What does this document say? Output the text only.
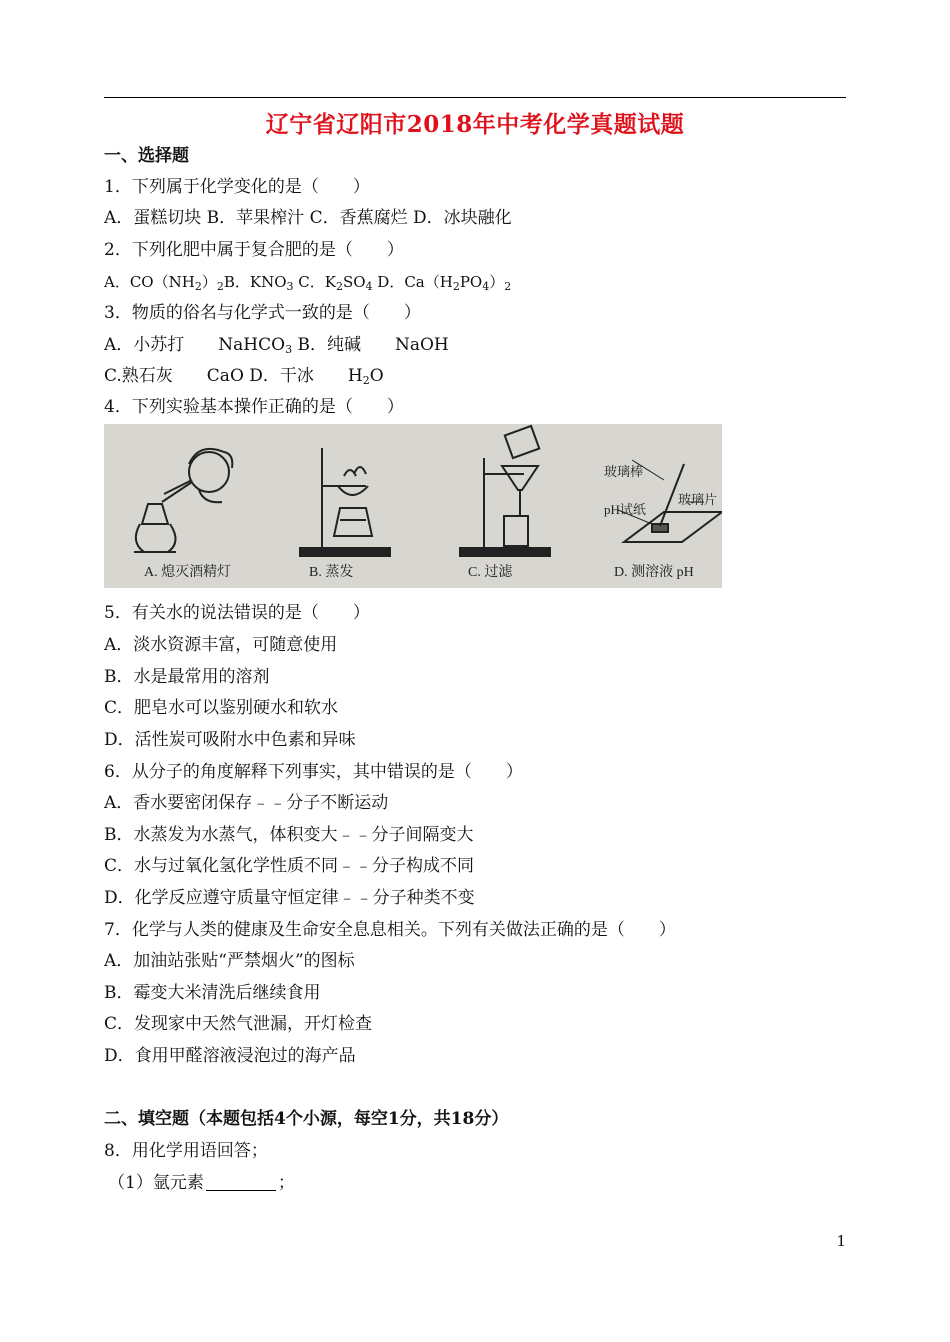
辽宁省辽阳市2018年中考化学真题试题
一、选择题
1．下列属于化学变化的是（　　）
A．蛋糕切块 B．苹果榨汁 C．香蕉腐烂 D．冰块融化
2．下列化肥中属于复合肥的是（　　）
A．$CO(NH_2)_2B$．$KNO_3$ C．$K_2SO_4$ D．$Ca(H_2PO_4)_2$
3．物质的俗名与化学式一致的是（　　）
A．小苏打　　NaHCO$_3$ B．纯碱　　NaOH
C.熟石灰　　CaO D．干冰　　$H_2O$
4．下列实验基本操作正确的是（　　）
玻璃棒
pH试纸
玻璃片
A. 熄灭酒精灯	B. 蒸发	C. 过滤	D. 测溶液 pH
5．有关水的说法错误的是（　　）
A．淡水资源丰富，可随意使用
B．水是最常用的溶剂
C．肥皂水可以鉴别硬水和软水
D．活性炭可吸附水中色素和异味
6．从分子的角度解释下列事实，其中错误的是（　　）
A．香水要密闭保存﹣﹣分子不断运动
B．水蒸发为水蒸气，体积变大﹣﹣分子间隔变大
C．水与过氧化氢化学性质不同﹣﹣分子构成不同
D．化学反应遵守质量守恒定律﹣﹣分子种类不变
7．化学与人类的健康及生命安全息息相关。下列有关做法正确的是（　　）
A．加油站张贴“严禁烟火”的图标
B．霉变大米清洗后继续食用
C．发现家中天然气泄漏，开灯检查
D．食用甲醛溶液浸泡过的海产品
二、填空题（本题包括4个小源，每空1分，共18分）
8．用化学用语回答；
（1）氩元素	；
1
